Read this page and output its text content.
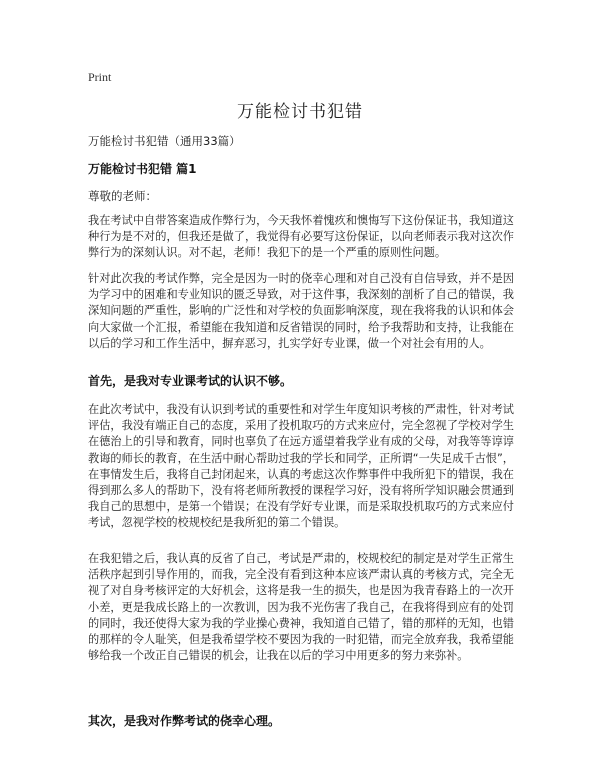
Print
万能检讨书犯错
万能检讨书犯错（通用33篇）
万能检讨书犯错 篇1
尊敬的老师：

我在考试中自带答案造成作弊行为，今天我怀着愧疚和懊悔写下这份保证书，我知道这种行为是不对的，但我还是做了，我觉得有必要写这份保证，以向老师表示我对这次作弊行为的深刻认识。对不起，老师！我犯下的是一个严重的原则性问题。

针对此次我的考试作弊，完全是因为一时的侥幸心理和对自己没有自信导致，并不是因为学习中的困难和专业知识的匮乏导致，对于这件事，我深刻的剖析了自己的错误，我深知问题的严重性，影响的广泛性和对学校的负面影响深度，现在我将我的认识和体会向大家做一个汇报，希望能在我知道和反省错误的同时，给予我帮助和支持，让我能在以后的学习和工作生活中，摒弃恶习，扎实学好专业课，做一个对社会有用的人。

首先，是我对专业课考试的认识不够。

在此次考试中，我没有认识到考试的重要性和对学生年度知识考核的严肃性，针对考试评估，我没有端正自己的态度，采用了投机取巧的方式来应付，完全忽视了学校对学生在德治上的引导和教育，同时也辜负了在远方遥望着我学业有成的父母，对我等等谆谆教诲的师长的教育，在生活中耐心帮助过我的学长和同学，正所谓“一失足成千古恨”，在事情发生后，我将自己封闭起来，认真的考虑这次作弊事件中我所犯下的错误，我在得到那么多人的帮助下，没有将老师所教授的课程学习好，没有将所学知识融会贯通到我自己的思想中，是第一个错误；在没有学好专业课，而是采取投机取巧的方式来应付考试，忽视学校的校规校纪是我所犯的第二个错误。

在我犯错之后，我认真的反省了自己，考试是严肃的，校规校纪的制定是对学生正常生活秩序起到引导作用的，而我，完全没有看到这种本应该严肃认真的考核方式，完全无视了对自身考核评定的大好机会，这将是我一生的损失，也是因为我青春路上的一次开小差，更是我成长路上的一次教训，因为我不光伤害了我自己，在我将得到应有的处罚的同时，我还使得大家为我的学业操心费神，我知道自己错了，错的那样的无知，也错的那样的令人耻笑，但是我希望学校不要因为我的一时犯错，而完全放弃我，我希望能够给我一个改正自己错误的机会，让我在以后的学习中用更多的努力来弥补。

其次，是我对作弊考试的侥幸心理。
